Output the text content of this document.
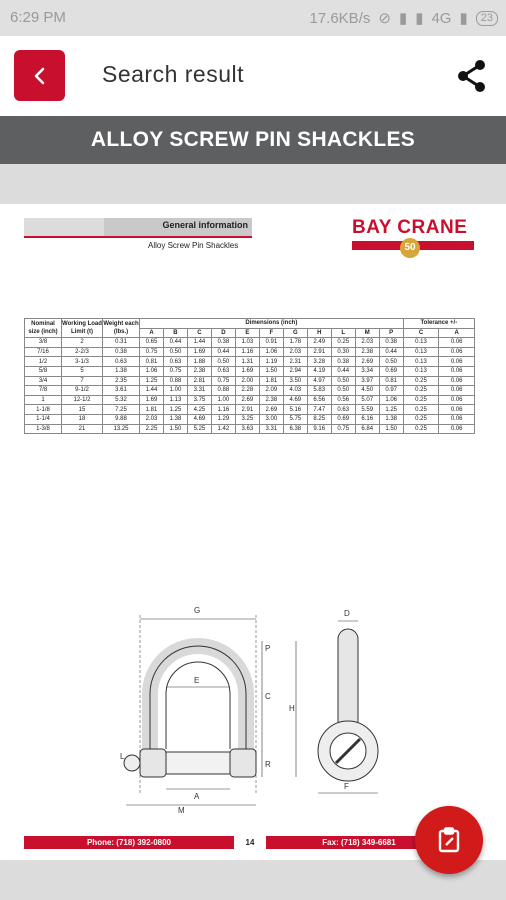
6:29 PM	17.6KB/s ⊘ ▮ ▮ 4G ▮	23
Search result
ALLOY SCREW PIN SHACKLES
General information
Alloy Screw Pin Shackles
BAY CRANE
50
Nominal size (inch)	Working Load Limit (t)	Weight each (lbs.)	Dimensions (inch)											Tolerance +/-	
			A	B	C	D	E	F	G	H	L	M	P	C	A
3/8	2	0.31	0.65	0.44	1.44	0.38	1.03	0.91	1.78	2.49	0.25	2.03	0.38	0.13	0.06
7/16	2-2/3	0.38	0.75	0.50	1.69	0.44	1.16	1.06	2.03	2.91	0.30	2.38	0.44	0.13	0.06
1/2	3-1/3	0.63	0.81	0.63	1.88	0.50	1.31	1.19	2.31	3.28	0.38	2.69	0.50	0.13	0.06
5/8	5	1.38	1.06	0.75	2.38	0.63	1.69	1.50	2.94	4.19	0.44	3.34	0.69	0.13	0.06
3/4	7	2.35	1.25	0.88	2.81	0.75	2.00	1.81	3.50	4.97	0.50	3.97	0.81	0.25	0.06
7/8	9-1/2	3.61	1.44	1.00	3.31	0.88	2.28	2.09	4.03	5.83	0.50	4.50	0.97	0.25	0.06
1	12-1/2	5.32	1.69	1.13	3.75	1.00	2.69	2.38	4.69	6.56	0.56	5.07	1.06	0.25	0.06
1-1/8	15	7.25	1.81	1.25	4.25	1.16	2.91	2.69	5.16	7.47	0.63	5.59	1.25	0.25	0.06
1-1/4	18	9.88	2.03	1.38	4.69	1.29	3.25	3.00	5.75	8.25	0.69	6.16	1.38	0.25	0.06
1-3/8	21	13.25	2.25	1.50	5.25	1.42	3.63	3.31	6.38	9.16	0.75	6.84	1.50	0.25	0.06
G
E
P
C
H
R
L
A
M
D
F
Phone: (718) 392-0800	14	Fax: (718) 349-6681
